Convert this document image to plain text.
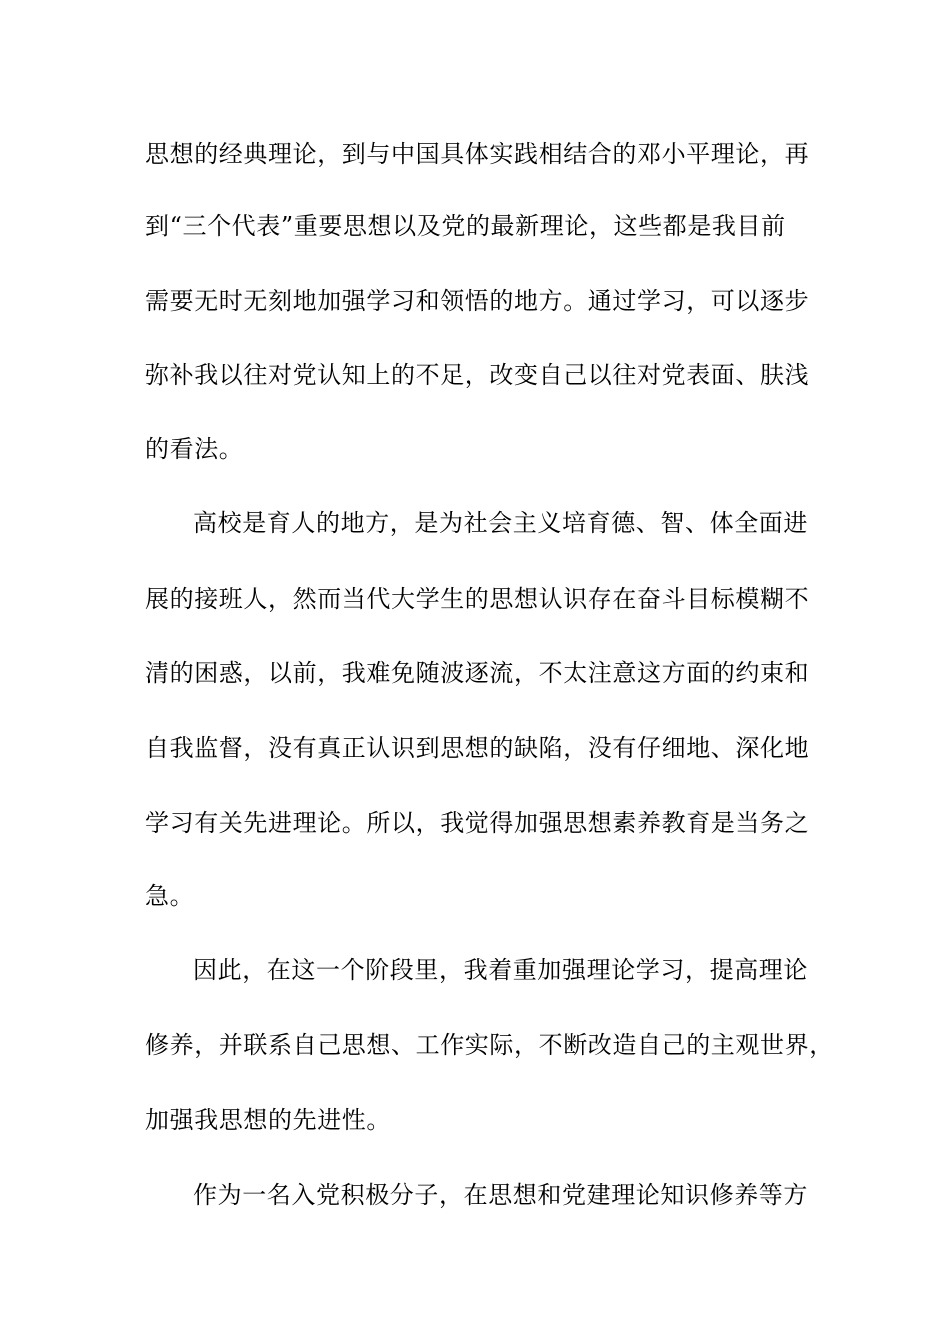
思想的经典理论，到与中国具体实践相结合的邓小平理论，再
到“三个代表”重要思想以及党的最新理论，这些都是我目前
需要无时无刻地加强学习和领悟的地方。通过学习，可以逐步
弥补我以往对党认知上的不足，改变自己以往对党表面、肤浅
的看法。
高校是育人的地方，是为社会主义培育德、智、体全面进
展的接班人，然而当代大学生的思想认识存在奋斗目标模糊不
清的困惑，以前，我难免随波逐流，不太注意这方面的约束和
自我监督，没有真正认识到思想的缺陷，没有仔细地、深化地
学习有关先进理论。所以，我觉得加强思想素养教育是当务之
急。
因此，在这一个阶段里，我着重加强理论学习，提高理论
修养，并联系自己思想、工作实际，不断改造自己的主观世界，
加强我思想的先进性。
作为一名入党积极分子，在思想和党建理论知识修养等方
